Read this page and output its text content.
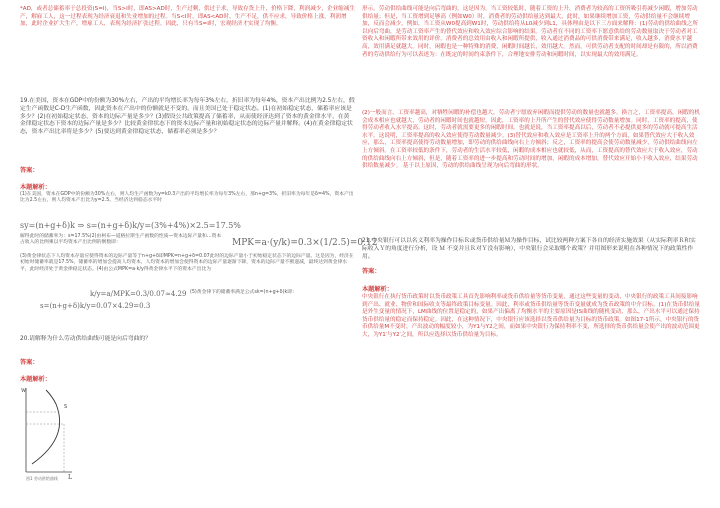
*AD，或者总储蓄率于总投资(S=I)，当S>I时，即AS>AD时，生产过剩，供过于求，导致存货上升，价格下降，利润减少，企业缩减生产，解雇工人，这一过程表现为经济衰退和失业增加的过程。当S<I时，即AS<AD时，生产不足，供不应求，导致价格上涨，利润增加，此时企业扩大生产，增雇工人，表现为经济扩张过程。因此，只有当S=I时，宏观经济才实现了均衡。

19.在美国，资本在GDP中的份额为30%左右，产出的平均增长率为每年3%左右，折旧率为每年4%，资本产出比例为2.5左右，假定生产函数是C-D生产函数，因此资本在产出中的份额就是不变的，而且美国已处于稳定状态。(1)在初始稳定状态，储蓄率应该是多少？(2)在初始稳定状态，资本的边际产量是多少？(3)假设公共政策提高了储蓄率，从而使经济达到了资本的黄金律水平，在黄金律稳定状态下资本的边际产量是多少？比较黄金律状态下的资本边际产量和初始稳定状态的边际产量并解释。(4)在黄金律稳定状态，资本产出比率将是多少？(5)要达到黄金律稳定状态，储蓄率必须是多少？

答案：

本题解析：

(1)在美国，资本在GDP中的份额为30%左右，则人均生产函数为y=k0.3产出的平均增长率为每年3%左右，那n+g=3%，折旧率为每年是δ=4%，资本产出比为2.5左右，则人均资本产出比为y=2.5。当经济达到稳态水平时

sy=(n+g+δ)k ⇒ s=(n+g+δ)k/y=(3%+4%)×2.5=17.5%

解得此时的储蓄率为：s=17.5%(2)由柯布—道格拉斯生产函数的性质—资本边际产量和…资本占收入的比例乘以平均资本产出比例的倒数即：	MPK=a·(y/k)=0.3×(1/2.5)=0.12

(3)黄金律状态下人均资本存量应使得资本的边际产量等于n+g+δ即MPK=n+g+δ=0.07此时的边际产量小于初始稳定状态下的边际产量。这是因为，经济在初始时储蓄率就是17.5%，储蓄率的增加会提高人均资本，人均资本的增加会使得资本的边际产量逐渐下降，资本的边际产量不断递减，最终达到黄金律水平，此时经济处于黄金律稳定状态。(4)由公式MPK=a·k/y得黄金律水平下的资本产出比为

k/y=a/MPK=0.3/0.07≈4.29 (5)黄金律下的储蓄率满足公式sk=(n+g+δ)k即：

s=(n+g+δ)k/y=0.07×4.29=0.3

20.请解释为什么劳动供给曲线可能是向后弯曲的？

答案：

本题解析：

w
L
S
图1 劳动供给曲线

形示。劳动供给曲线可能是向后弯曲的，这是因为，当工资较低时，随着工资的上升，消费者为较高的工资所吸引将减少闲暇，增加劳动供给量；但是，当工资增到足够高（例如W0）时，消费者的劳动供给量达到最大，此时，如果继续增加工资，劳动供给量不会继续增加，反而会减少，例如，当工资从W0提高到W1时，劳动供给将从L0减少到L1，具体理由是以下三方面来解释：(1)劳动的供给曲线之所以向后弯曲，是劳动工资率产生的替代效应和收入效应综合影响的结果。劳动者在不同的工资率下愿意供给的劳动数量取决于劳动者对工资收入和闲暇所带来效用的评价。消费者的总效用由收入和闲暇所提供，收入通过消费品的可供消费带来满足，收入越多，消费水平越高，效用满足就越大。同时，闲暇也是一种特殊的消费，闲暇时间越长，效用越大。然而，可供劳动者支配的时间却是有限的，所以消费者的劳动供给行为可以表述为：在既定的时间约束条件下，合理地安排劳动和闲暇时间，以实现最大的效用满足。

(2)一般而言，工资率越高，对牺牲闲暇的补偿也越大，劳动者宁愿放弃闲暇而提供劳动的数量也就越多。换言之，工资率提高，闲暇的机会成本相应也就越大，劳动者的闲暇时间也就越短。因此，工资率的上升所产生的替代效应使得劳动数量增加。同时，工资率的提高，使得劳动者收入水平提高。这时，劳动者就需要更多的闲暇时间。也就是说，当工资率提高以后，劳动者不必提供更多的劳动就可提高生活水平。这说明，工资率提高的收入效应使得劳动数量减少。(3)替代效应和收入效应是工资率上升的两个方面，如果替代效应大于收入效应，那么，工资率提高使得劳动数量增加，即劳动的供给曲线向右上方倾斜；反之，工资率的提高会使劳动数量减少，劳动供给曲线向左上方倾斜。在工资率较低的条件下，劳动者的生活水平较低，闲暇的成本相应也就较低，从而，工资提高的替代效应大于收入效应，劳动的供给曲线向右上方倾斜，但是，随着工资率的进一步提高和劳动时间的增加，闲暇的成本增加，替代效应开始小于收入效应，结果劳动供给数量减少。 基于以上原因，劳动的供给曲线呈现为向后弯曲的形状。

21.中央银行可以以名义利率为操作目标Ｒ或货币供给量Ｍ为操作目标，试比较两种方案下各自的经济实施效果（从实际利率Ｒ和实际收入Ｙ的角度进行分析，设 Ｍ 不变并且Ｒ对Ｙ没有影响），中央银行会采取哪个政策？并用图形来说明在各种情况下的政策性作用。

答案：

本题解析：

中央银行在执行货币政策时以货币政策工具首先影响利率或货币供给量等货币变量，通过这些变量的变动，中央银行的政策工具间接影响到产出、就业、物价和国际收支等最终政策目标变量。因此，利率或货币供给量等货币变量就成为货币政策的中介目标。(1)在货币供给量是外生变量的情况下，LM曲线的位置是稳定的，如果产出偏离了均衡水平的主要原因是IS曲线的随机变动，那么，产出水平可以通过保持货币供给量的稳定而保持稳定。因此，在这种情况下，中央银行应该选择以货币供给量为目标的货币政策。如图17-1所示，中央银行的货币供给量M不变时，产出波动的幅度较小，为Y1与Y2之间，而如果中央银行为保持利率不变，所选择的货币供给量会使产出的波动范围更大，为Y1′与Y2′之间，所以应选择以货币供给量为目标。
